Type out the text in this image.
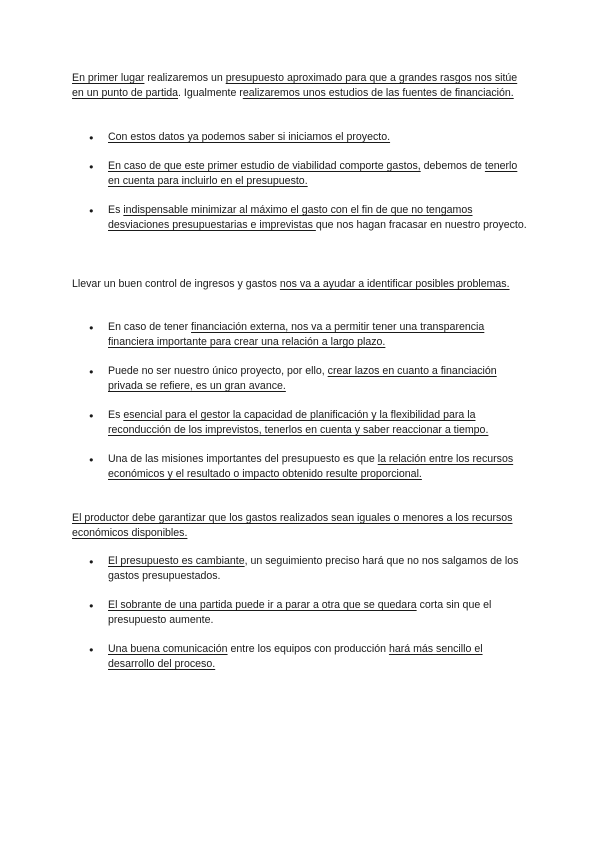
En primer lugar realizaremos un presupuesto aproximado para que a grandes rasgos nos sitúe en un punto de partida. Igualmente realizaremos unos estudios de las fuentes de financiación.

● Con estos datos ya podemos saber si iniciamos el proyecto.
● En caso de que este primer estudio de viabilidad comporte gastos, debemos de tenerlo en cuenta para incluirlo en el presupuesto.
● Es indispensable minimizar al máximo el gasto con el fin de que no tengamos desviaciones presupuestarias e imprevistas que nos hagan fracasar en nuestro proyecto.

Llevar un buen control de ingresos y gastos nos va a ayudar a identificar posibles problemas.

● En caso de tener financiación externa, nos va a permitir tener una transparencia financiera importante para crear una relación a largo plazo.
● Puede no ser nuestro único proyecto, por ello, crear lazos en cuanto a financiación privada se refiere, es un gran avance.
● Es esencial para el gestor la capacidad de planificación y la flexibilidad para la reconducción de los imprevistos, tenerlos en cuenta y saber reaccionar a tiempo.
● Una de las misiones importantes del presupuesto es que la relación entre los recursos económicos y el resultado o impacto obtenido resulte proporcional.

El productor debe garantizar que los gastos realizados sean iguales o menores a los recursos económicos disponibles.

● El presupuesto es cambiante, un seguimiento preciso hará que no nos salgamos de los gastos presupuestados.
● El sobrante de una partida puede ir a parar a otra que se quedara corta sin que el presupuesto aumente.
● Una buena comunicación entre los equipos con producción hará más sencillo el desarrollo del proceso.
